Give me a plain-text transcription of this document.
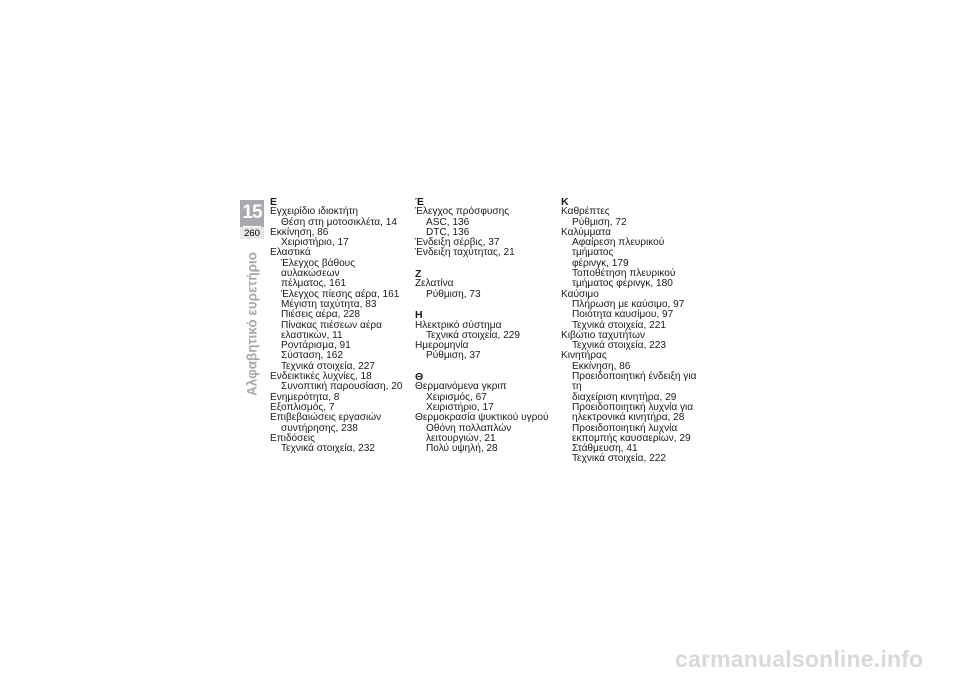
15
260
Αλφαβητικό ευρετήριο
Ε
Εγχειρίδιο ιδιοκτήτη
Θέση στη μοτοσικλέτα, 14
Εκκίνηση, 86
Χειριστήριο, 17
Ελαστικά
Έλεγχος βάθους αυλακώσεων
πέλματος, 161
Έλεγχος πίεσης αέρα, 161
Μέγιστη ταχύτητα, 83
Πιέσεις αέρα, 228
Πίνακας πιέσεων αέρα
ελαστικών, 11
Ροντάρισμα, 91
Σύσταση, 162
Τεχνικά στοιχεία, 227
Ενδεικτικές λυχνίες, 18
Συνοπτική παρουσίαση, 20
Ενημερότητα, 8
Εξοπλισμός, 7
Επιβεβαιώσεις εργασιών
συντήρησης, 238
Επιδόσεις
Τεχνικά στοιχεία, 232
Έ
Έλεγχος πρόσφυσης
ASC, 136
DTC, 136
Ένδειξη σέρβις, 37
Ένδειξη ταχύτητας, 21
Ζ
Ζελατίνα
Ρύθμιση, 73
Η
Ηλεκτρικό σύστημα
Τεχνικά στοιχεία, 229
Ημερομηνία
Ρύθμιση, 37
Θ
Θερμαινόμενα γκριπ
Χειρισμός, 67
Χειριστήριο, 17
Θερμοκρασία ψυκτικού υγρού
Οθόνη πολλαπλών
λειτουργιών, 21
Πολύ υψηλή, 28
Κ
Καθρέπτες
Ρύθμιση, 72
Καλύμματα
Αφαίρεση πλευρικού τμήματος
φέρινγκ, 179
Τοποθέτηση πλευρικού
τμήματος φέρινγκ, 180
Καύσιμο
Πλήρωση με καύσιμο, 97
Ποιότητα καυσίμου, 97
Τεχνικά στοιχεία, 221
Κιβώτιο ταχυτήτων
Τεχνικά στοιχεία, 223
Κινητήρας
Εκκίνηση, 86
Προειδοποιητική ένδειξη για τη
διαχείριση κινητήρα, 29
Προειδοποιητική λυχνία για
ηλεκτρονικά κινητήρα, 28
Προειδοποιητική λυχνία
εκπομπής καυσαερίων, 29
Στάθμευση, 41
Τεχνικά στοιχεία, 222
carmanualsonline.info
